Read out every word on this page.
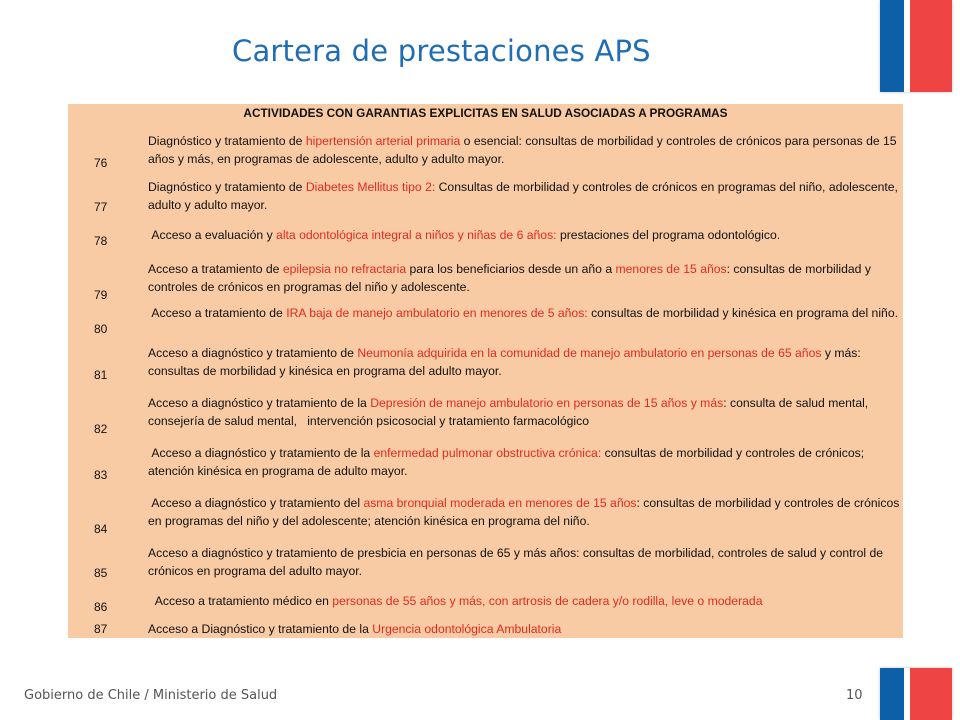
Cartera de prestaciones APS
ACTIVIDADES CON GARANTIAS EXPLICITAS EN SALUD ASOCIADAS A PROGRAMAS
76
Diagnóstico y tratamiento de hipertensión arterial primaria o esencial: consultas de morbilidad y controles de crónicos para personas de 15 años y más, en programas de adolescente, adulto y adulto mayor.
77
Diagnóstico y tratamiento de Diabetes Mellitus tipo 2: Consultas de morbilidad y controles de crónicos en programas del niño, adolescente, adulto y adulto mayor.
78	Acceso a evaluación y alta odontológica integral a niños y niñas de 6 años: prestaciones del programa odontológico.
79
Acceso a tratamiento de epilepsia no refractaria para los beneficiarios desde un año a menores de 15 años: consultas de morbilidad y controles de crónicos en programas del niño y adolescente.
80
Acceso a tratamiento de IRA baja de manejo ambulatorio en menores de 5 años: consultas de morbilidad y kinésica en programa del niño.
81
Acceso a diagnóstico y tratamiento de Neumonía adquirida en la comunidad de manejo ambulatorio en personas de 65 años y más: consultas de morbilidad y kinésica en programa del adulto mayor.
82
Acceso a diagnóstico y tratamiento de la Depresión de manejo ambulatorio en personas de 15 años y más: consulta de salud mental, consejería de salud mental,   intervención psicosocial y tratamiento farmacológico
83
Acceso a diagnóstico y tratamiento de la enfermedad pulmonar obstructiva crónica: consultas de morbilidad y controles de crónicos; atención kinésica en programa de adulto mayor.
84
Acceso a diagnóstico y tratamiento del asma bronquial moderada en menores de 15 años: consultas de morbilidad y controles de crónicos en programas del niño y del adolescente; atención kinésica en programa del niño.
85
Acceso a diagnóstico y tratamiento de presbicia en personas de 65 y más años: consultas de morbilidad, controles de salud y control de crónicos en programa del adulto mayor.
86	Acceso a tratamiento médico en personas de 55 años y más, con artrosis de cadera y/o rodilla, leve o moderada
87	Acceso a Diagnóstico y tratamiento de la Urgencia odontológica Ambulatoria
Gobierno de Chile / Ministerio de Salud	10
